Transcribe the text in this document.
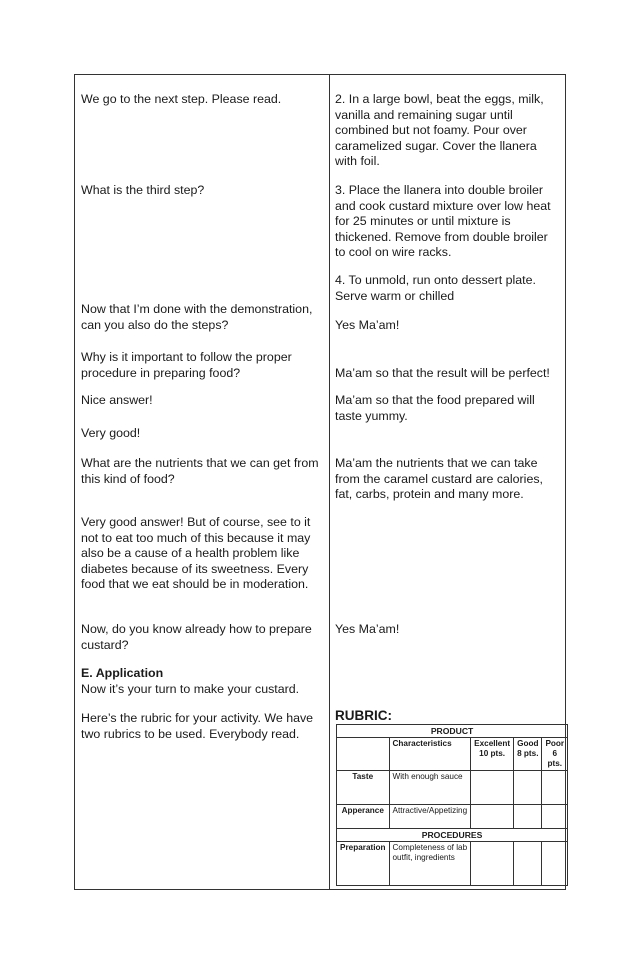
We go to the next step. Please read.

What is the third step?

Now that I’m done with the demonstration, can you also do the steps?

Why is it important to follow the proper procedure in preparing food?

Nice answer!

Very good!

What are the nutrients that we can get from this kind of food?

Very good answer! But of course, see to it not to eat too much of this because it may also be a cause of a health problem like diabetes because of its sweetness. Every food that we eat should be in moderation.

Now, do you know already how to prepare custard?

E. Application

Now it’s your turn to make your custard.

Here’s the rubric for your activity. We have two rubrics to be used. Everybody read.

2. In a large bowl, beat the eggs, milk, vanilla and remaining sugar until combined but not foamy. Pour over caramelized sugar. Cover the llanera with foil.

3. Place the llanera into double broiler and cook custard mixture over low heat for 25 minutes or until mixture is thickened. Remove from double broiler to cool on wire racks.

4. To unmold, run onto dessert plate. Serve warm or chilled

Yes Ma’am!

Ma’am so that the result will be perfect!

Ma’am so that the food prepared will taste yummy.

Ma’am the nutrients that we can take from the caramel custard are calories, fat, carbs, protein and many more.

Yes Ma’am!

RUBRIC:
PRODUCT				
	Characteristics	Excellent 10 pts.	Good 8 pts.	Poor 6 pts.
Taste	With enough sauce			
Apperance	Attractive/Appetizing			
PROCEDURES				
Preparation	Completeness of lab outfit, ingredients			
